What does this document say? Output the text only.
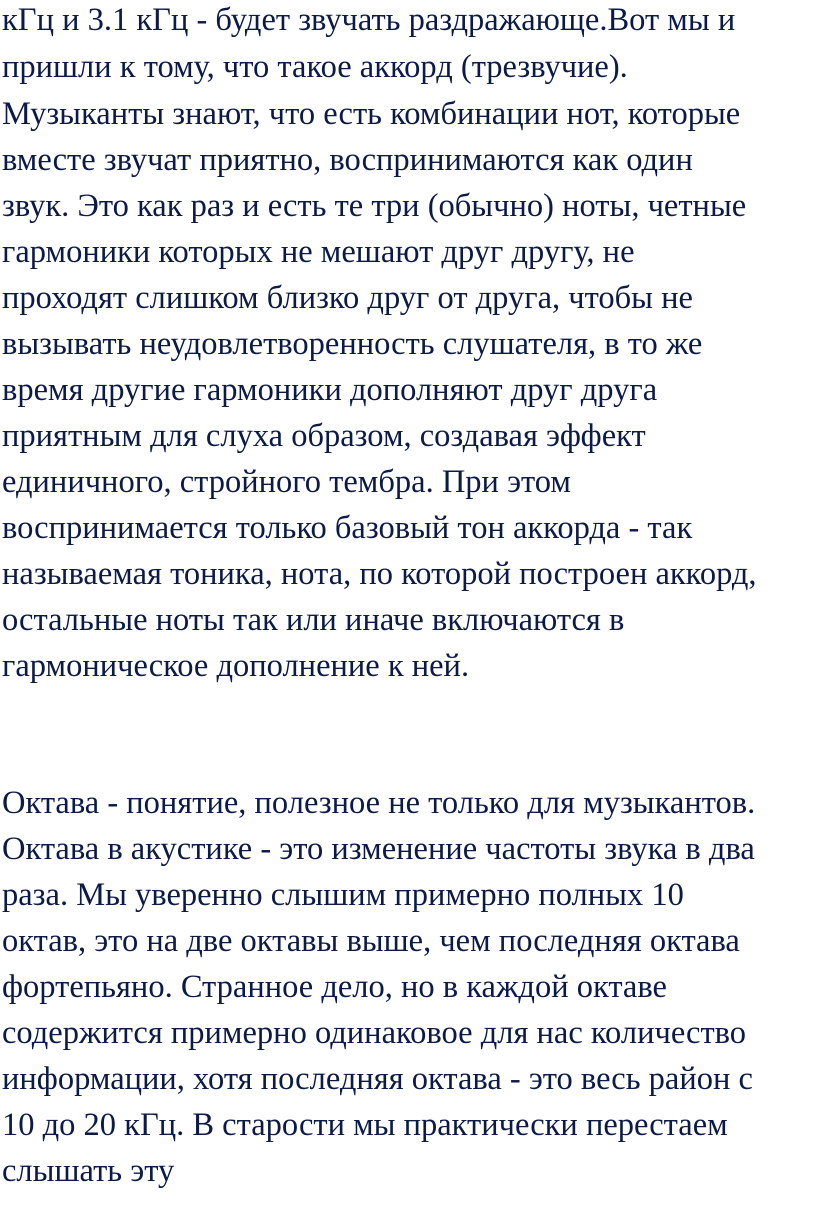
кГц и 3.1 кГц - будет звучать раздражающе.Вот мы и

пришли к тому, что такое аккорд (трезвучие).

Музыканты знают, что есть комбинации нот, которые

вместе звучат приятно, воспринимаются как один

звук. Это как раз и есть те три (обычно) ноты, четные

гармоники которых не мешают друг другу, не

проходят слишком близко друг от друга, чтобы не

вызывать неудовлетворенность слушателя, в то же

время другие гармоники дополняют друг друга

приятным для слуха образом, создавая эффект

единичного, стройного тембра. При этом

воспринимается только базовый тон аккорда - так

называемая тоника, нота, по которой построен аккорд,

остальные ноты так или иначе включаются в

гармоническое дополнение к ней.

Октава - понятие, полезное не только для музыкантов.

Октава в акустике - это изменение частоты звука в два

раза. Мы уверенно слышим примерно полных 10

октав, это на две октавы выше, чем последняя октава

фортепьяно. Странное дело, но в каждой октаве

содержится примерно одинаковое для нас количество

информации, хотя последняя октава - это весь район с

10 до 20 кГц. В старости мы практически перестаем

слышать эту
